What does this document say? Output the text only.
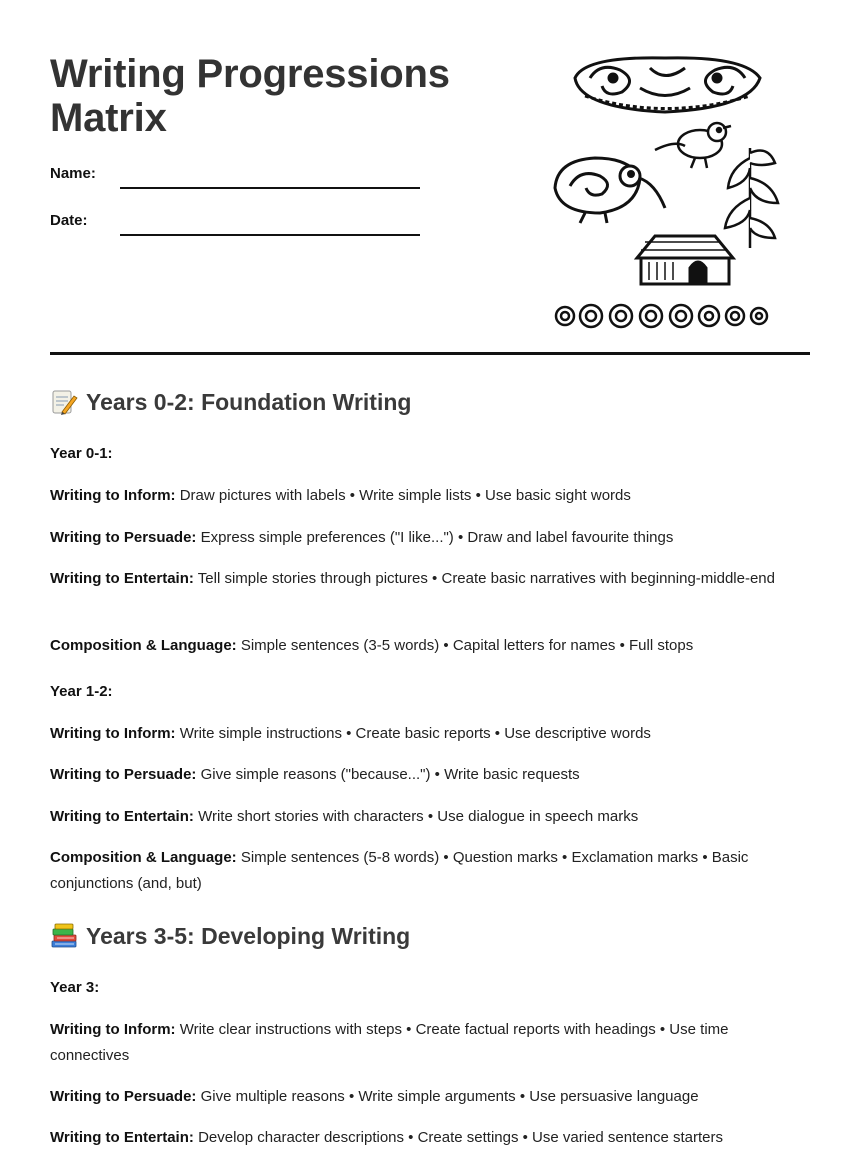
Writing Progressions Matrix
Name:
Date:
Years 0-2: Foundation Writing
Year 0-1:
Writing to Inform: Draw pictures with labels • Write simple lists • Use basic sight words
Writing to Persuade: Express simple preferences ("I like...") • Draw and label favourite things
Writing to Entertain: Tell simple stories through pictures • Create basic narratives with beginning-middle-end
Composition & Language: Simple sentences (3-5 words) • Capital letters for names • Full stops
Year 1-2:
Writing to Inform: Write simple instructions • Create basic reports • Use descriptive words
Writing to Persuade: Give simple reasons ("because...") • Write basic requests
Writing to Entertain: Write short stories with characters • Use dialogue in speech marks
Composition & Language: Simple sentences (5-8 words) • Question marks • Exclamation marks • Basic conjunctions (and, but)
Years 3-5: Developing Writing
Year 3:
Writing to Inform: Write clear instructions with steps • Create factual reports with headings • Use time connectives
Writing to Persuade: Give multiple reasons • Write simple arguments • Use persuasive language
Writing to Entertain: Develop character descriptions • Create settings • Use varied sentence starters
